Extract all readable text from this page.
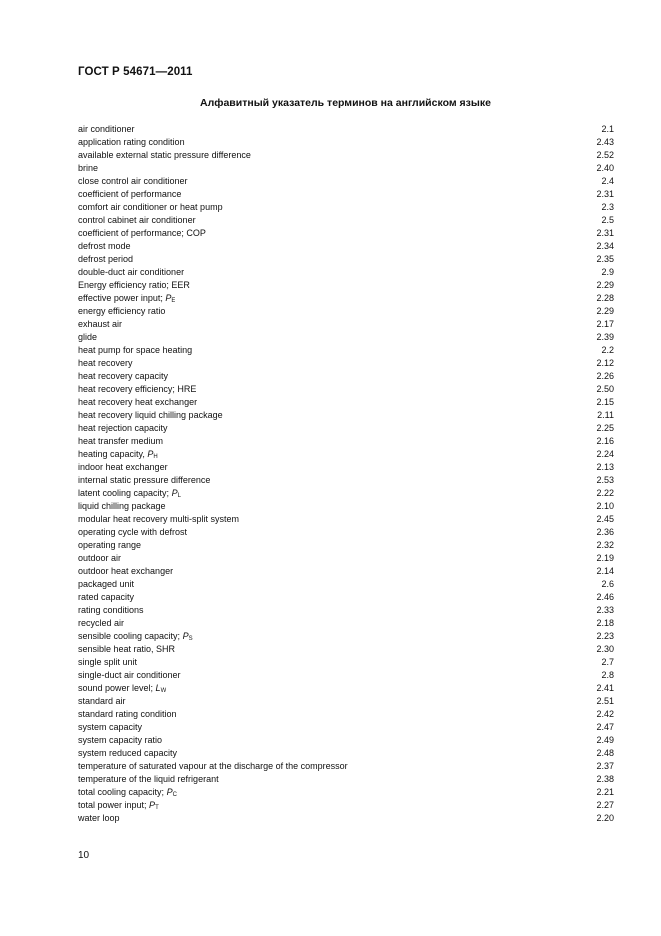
ГОСТ Р 54671—2011
Алфавитный указатель терминов на английском языке
air conditioner	2.1
application rating condition	2.43
available external static pressure difference	2.52
brine	2.40
close control air conditioner	2.4
coefficient of performance	2.31
comfort air conditioner or heat pump	2.3
control cabinet air conditioner	2.5
coefficient of performance; COP	2.31
defrost mode	2.34
defrost period	2.35
double-duct air conditioner	2.9
Energy efficiency ratio; EER	2.29
effective power input; $P_E$	2.28
energy efficiency ratio	2.29
exhaust air	2.17
glide	2.39
heat pump for space heating	2.2
heat recovery	2.12
heat recovery capacity	2.26
heat recovery efficiency; HRE	2.50
heat recovery heat exchanger	2.15
heat recovery liquid chilling package	2.11
heat rejection capacity	2.25
heat transfer medium	2.16
heating capacity, $P_H$	2.24
indoor heat exchanger	2.13
internal static pressure difference	2.53
latent cooling capacity; $P_L$	2.22
liquid chilling package	2.10
modular heat recovery multi-split system	2.45
operating cycle with defrost	2.36
operating range	2.32
outdoor air	2.19
outdoor heat exchanger	2.14
packaged unit	2.6
rated capacity	2.46
rating conditions	2.33
recycled air	2.18
sensible cooling capacity; $P_S$	2.23
sensible heat ratio, SHR	2.30
single split unit	2.7
single-duct air conditioner	2.8
sound power level; $L_W$	2.41
standard air	2.51
standard rating condition	2.42
system capacity	2.47
system capacity ratio	2.49
system reduced capacity	2.48
temperature of saturated vapour at the discharge of the compressor	2.37
temperature of the liquid refrigerant	2.38
total cooling capacity; $P_C$	2.21
total power input; $P_T$	2.27
water loop	2.20
10
